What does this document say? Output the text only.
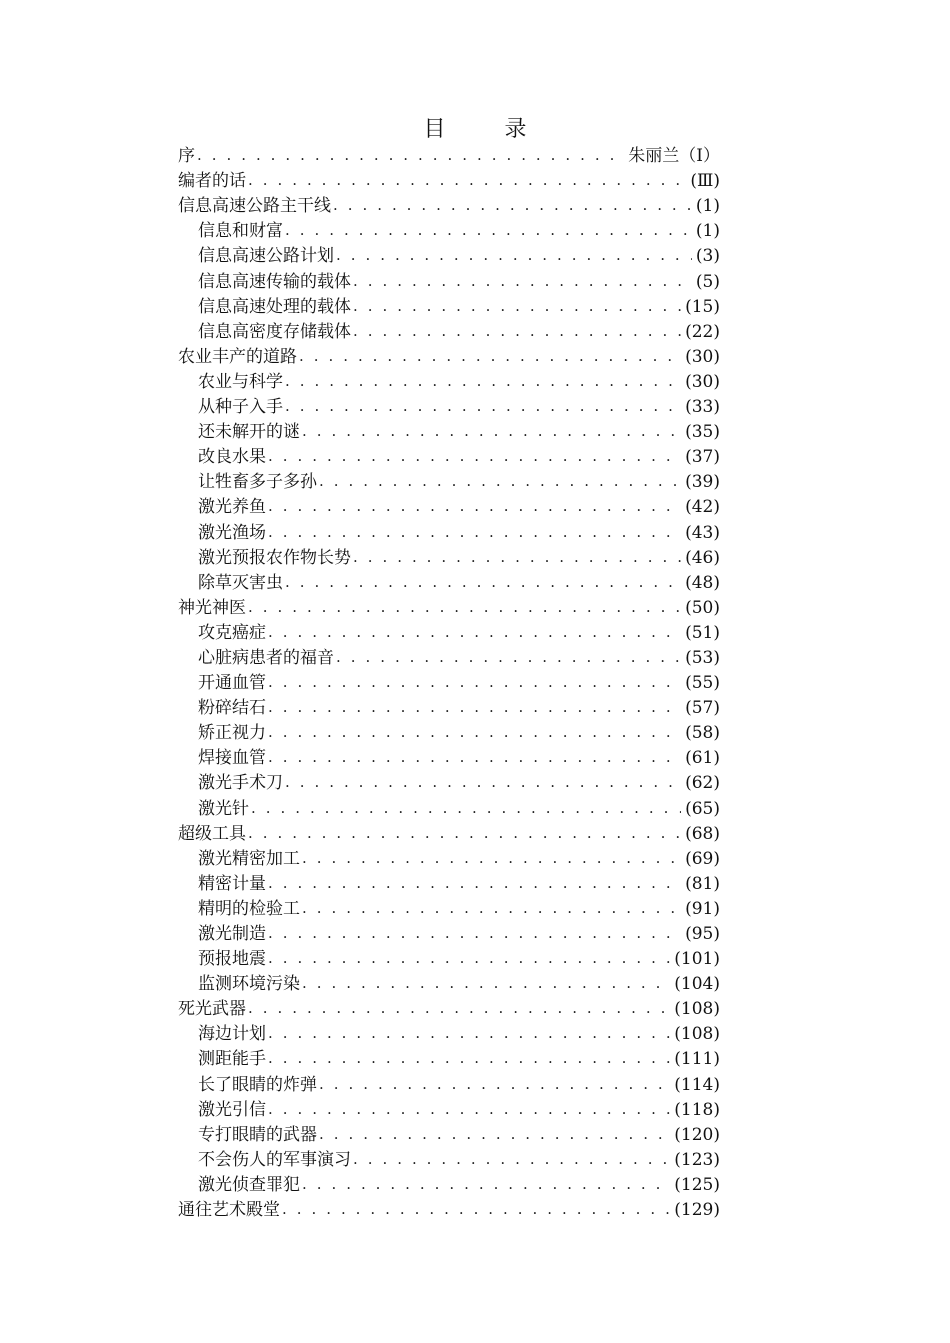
目 录
序 . . .	朱丽兰（Ⅰ）
编者的话 . . .	(Ⅲ)
信息高速公路主干线 . . .	(1)
信息和财富 . . .	(1)
信息高速公路计划 . . .	(3)
信息高速传输的载体 . . .	(5)
信息高速处理的载体 . . .	(15)
信息高密度存储载体 . . .	(22)
农业丰产的道路 . . .	(30)
农业与科学 . . .	(30)
从种子入手 . . .	(33)
还未解开的谜 . . .	(35)
改良水果 . . .	(37)
让牲畜多子多孙 . . .	(39)
激光养鱼 . . .	(42)
激光渔场 . . .	(43)
激光预报农作物长势 . . .	(46)
除草灭害虫 . . .	(48)
神光神医 . . .	(50)
攻克癌症 . . .	(51)
心脏病患者的福音 . . .	(53)
开通血管 . . .	(55)
粉碎结石 . . .	(57)
矫正视力 . . .	(58)
焊接血管 . . .	(61)
激光手术刀 . . .	(62)
激光针 . . .	(65)
超级工具 . . .	(68)
激光精密加工 . . .	(69)
精密计量 . . .	(81)
精明的检验工 . . .	(91)
激光制造 . . .	(95)
预报地震 . . .	(101)
监测环境污染 . . .	(104)
死光武器 . . .	(108)
海边计划 . . .	(108)
测距能手 . . .	(111)
长了眼睛的炸弹 . . .	(114)
激光引信 . . .	(118)
专打眼睛的武器 . . .	(120)
不会伤人的军事演习 . . .	(123)
激光侦查罪犯 . . .	(125)
通往艺术殿堂 . . .	(129)
